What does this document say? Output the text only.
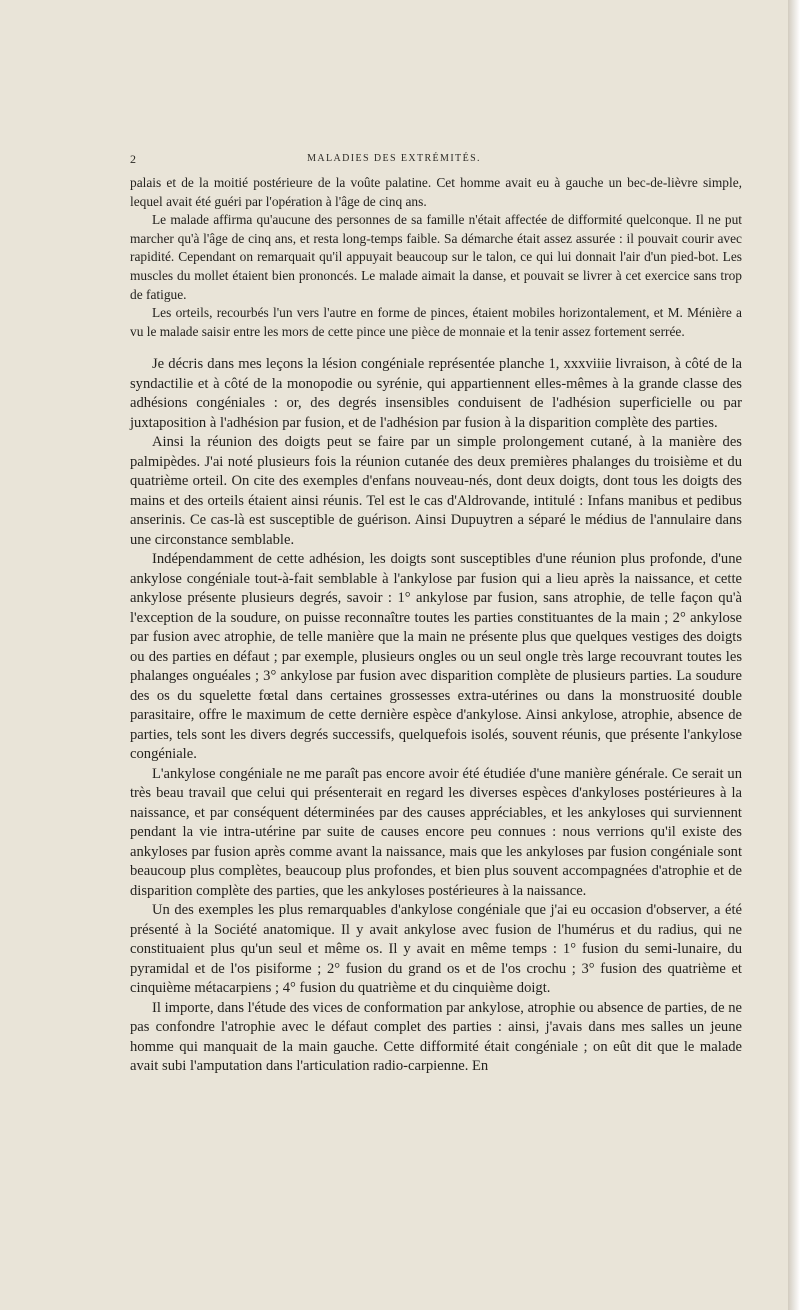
2	MALADIES DES EXTRÉMITÉS.

palais et de la moitié postérieure de la voûte palatine. Cet homme avait eu à gauche un bec-de-lièvre simple, lequel avait été guéri par l'opération à l'âge de cinq ans.

Le malade affirma qu'aucune des personnes de sa famille n'était affectée de difformité quelconque. Il ne put marcher qu'à l'âge de cinq ans, et resta long-temps faible. Sa démarche était assez assurée : il pouvait courir avec rapidité. Cependant on remarquait qu'il appuyait beaucoup sur le talon, ce qui lui donnait l'air d'un pied-bot. Les muscles du mollet étaient bien prononcés. Le malade aimait la danse, et pouvait se livrer à cet exercice sans trop de fatigue.

Les orteils, recourbés l'un vers l'autre en forme de pinces, étaient mobiles horizontalement, et M. Ménière a vu le malade saisir entre les mors de cette pince une pièce de monnaie et la tenir assez fortement serrée.

Je décris dans mes leçons la lésion congéniale représentée planche 1, xxxviiie livraison, à côté de la syndactilie et à côté de la monopodie ou syrénie, qui appartiennent elles-mêmes à la grande classe des adhésions congéniales : or, des degrés insensibles conduisent de l'adhésion superficielle ou par juxtaposition à l'adhésion par fusion, et de l'adhésion par fusion à la disparition complète des parties.

Ainsi la réunion des doigts peut se faire par un simple prolongement cutané, à la manière des palmipèdes. J'ai noté plusieurs fois la réunion cutanée des deux premières phalanges du troisième et du quatrième orteil. On cite des exemples d'enfans nouveau-nés, dont deux doigts, dont tous les doigts des mains et des orteils étaient ainsi réunis. Tel est le cas d'Aldrovande, intitulé : Infans manibus et pedibus anserinis. Ce cas-là est susceptible de guérison. Ainsi Dupuytren a séparé le médius de l'annulaire dans une circonstance semblable.

Indépendamment de cette adhésion, les doigts sont susceptibles d'une réunion plus profonde, d'une ankylose congéniale tout-à-fait semblable à l'ankylose par fusion qui a lieu après la naissance, et cette ankylose présente plusieurs degrés, savoir : 1° ankylose par fusion, sans atrophie, de telle façon qu'à l'exception de la soudure, on puisse reconnaître toutes les parties constituantes de la main ; 2° ankylose par fusion avec atrophie, de telle manière que la main ne présente plus que quelques vestiges des doigts ou des parties en défaut ; par exemple, plusieurs ongles ou un seul ongle très large recouvrant toutes les phalanges onguéales ; 3° ankylose par fusion avec disparition complète de plusieurs parties. La soudure des os du squelette fœtal dans certaines grossesses extra-utérines ou dans la monstruosité double parasitaire, offre le maximum de cette dernière espèce d'ankylose. Ainsi ankylose, atrophie, absence de parties, tels sont les divers degrés successifs, quelquefois isolés, souvent réunis, que présente l'ankylose congéniale.

L'ankylose congéniale ne me paraît pas encore avoir été étudiée d'une manière générale. Ce serait un très beau travail que celui qui présenterait en regard les diverses espèces d'ankyloses postérieures à la naissance, et par conséquent déterminées par des causes appréciables, et les ankyloses qui surviennent pendant la vie intra-utérine par suite de causes encore peu connues : nous verrions qu'il existe des ankyloses par fusion après comme avant la naissance, mais que les ankyloses par fusion congéniale sont beaucoup plus complètes, beaucoup plus profondes, et bien plus souvent accompagnées d'atrophie et de disparition complète des parties, que les ankyloses postérieures à la naissance.

Un des exemples les plus remarquables d'ankylose congéniale que j'ai eu occasion d'observer, a été présenté à la Société anatomique. Il y avait ankylose avec fusion de l'humérus et du radius, qui ne constituaient plus qu'un seul et même os. Il y avait en même temps : 1° fusion du semi-lunaire, du pyramidal et de l'os pisiforme ; 2° fusion du grand os et de l'os crochu ; 3° fusion des quatrième et cinquième métacarpiens ; 4° fusion du quatrième et du cinquième doigt.

Il importe, dans l'étude des vices de conformation par ankylose, atrophie ou absence de parties, de ne pas confondre l'atrophie avec le défaut complet des parties : ainsi, j'avais dans mes salles un jeune homme qui manquait de la main gauche. Cette difformité était congéniale ; on eût dit que le malade avait subi l'amputation dans l'articulation radio-carpienne. En
